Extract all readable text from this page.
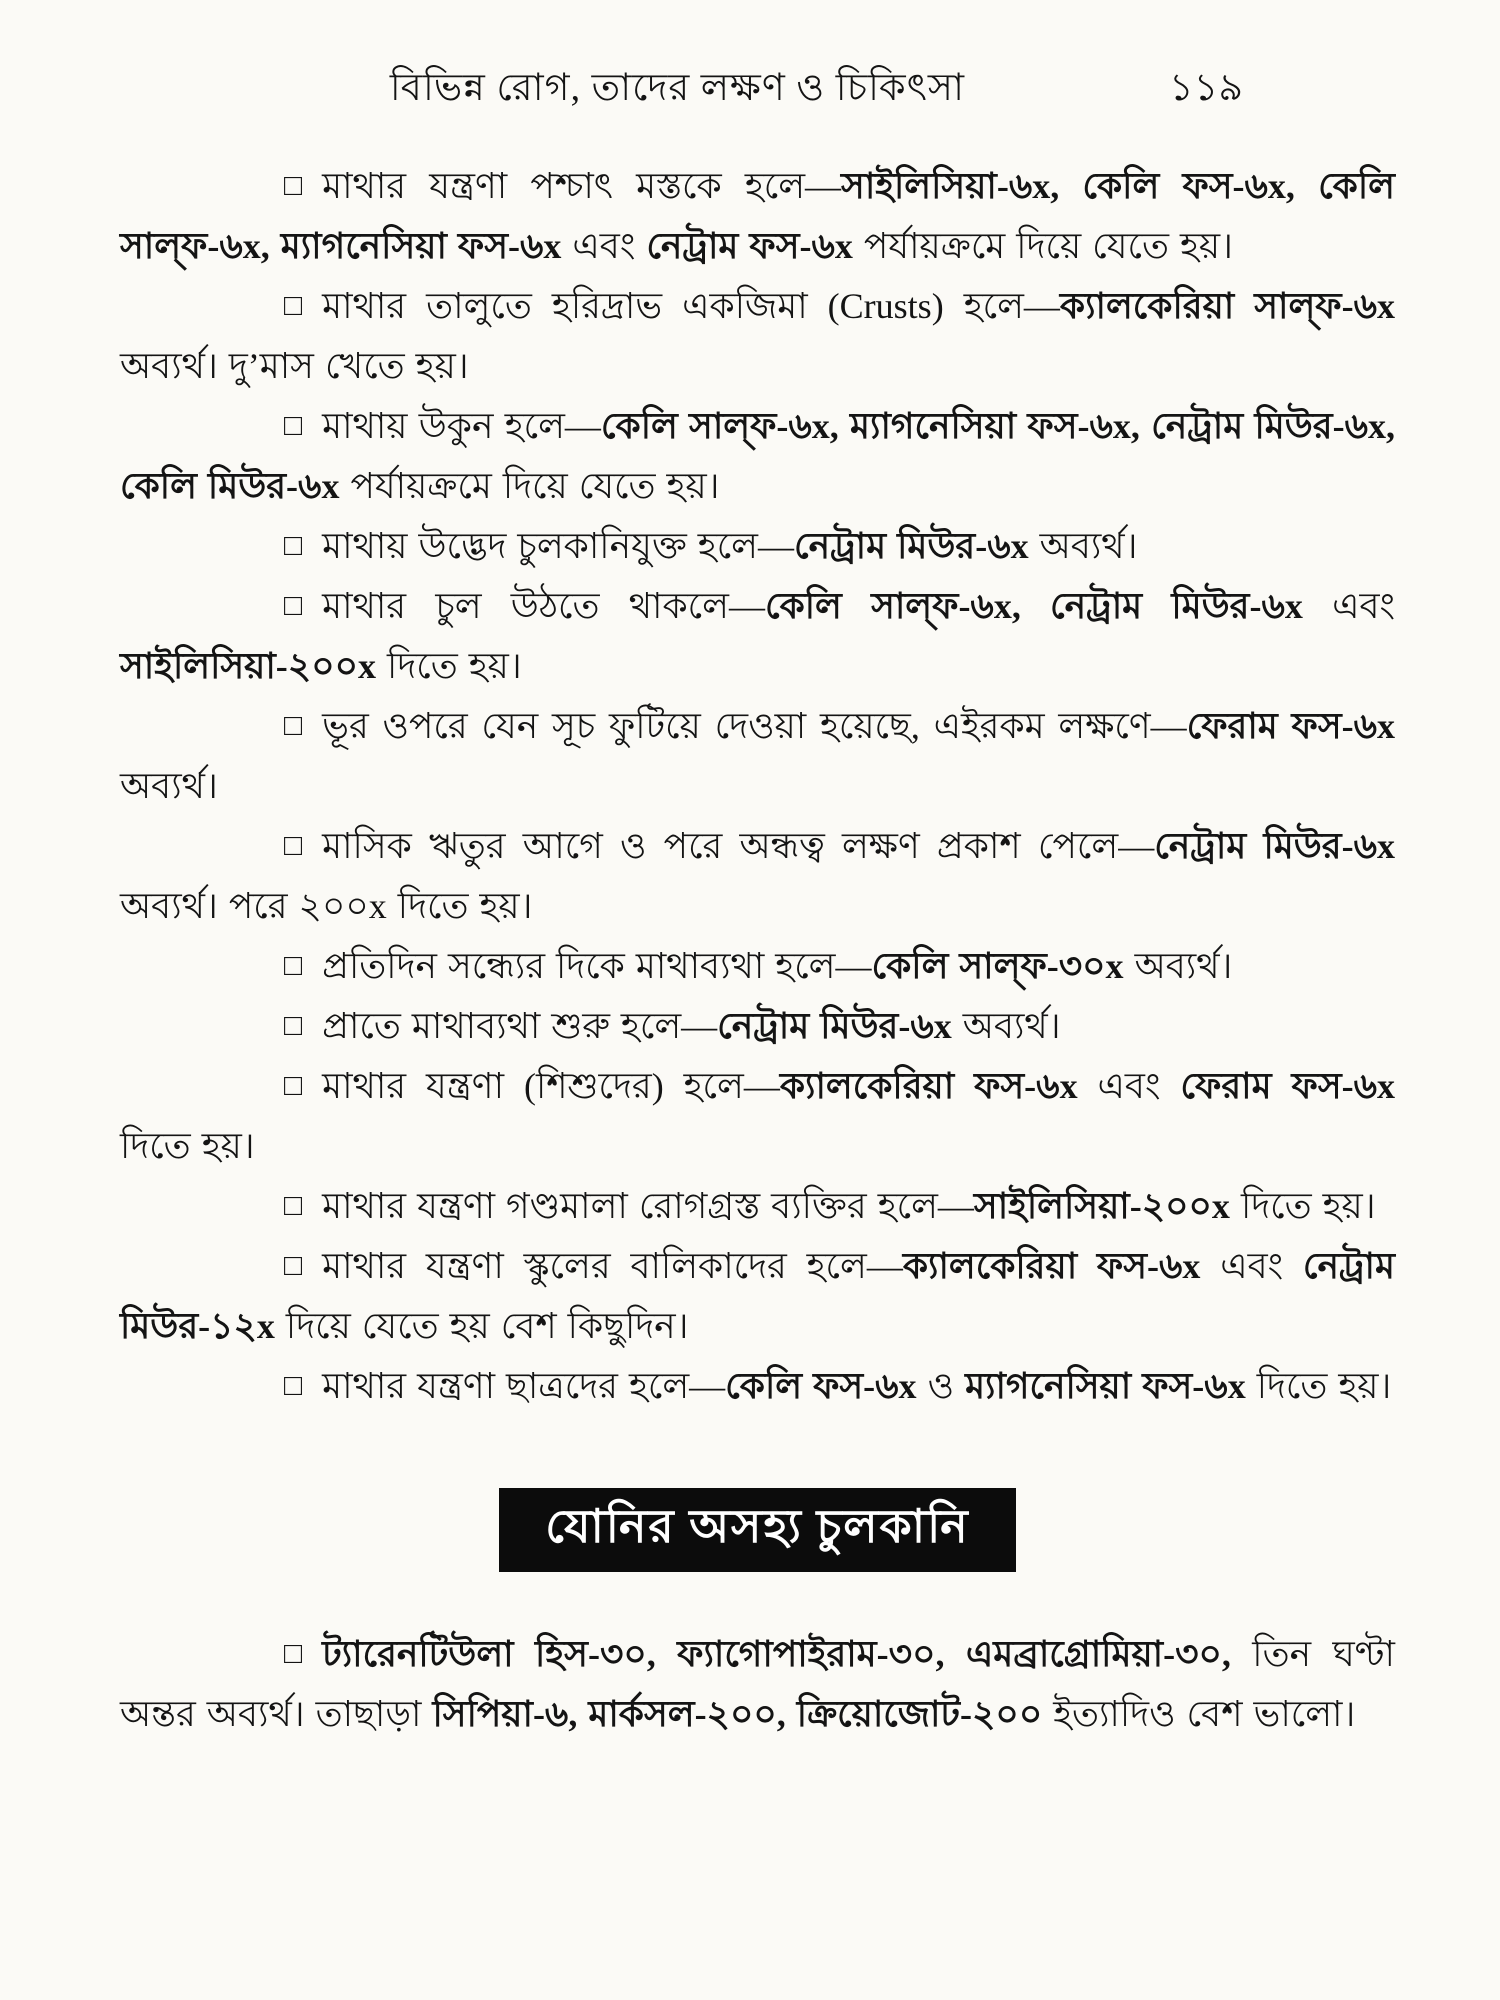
বিভিন্ন রোগ, তাদের লক্ষণ ও চিকিৎসা	১১৯

□ মাথার যন্ত্রণা পশ্চাৎ মস্তকে হলে—সাইলিসিয়া-৬x, কেলি ফস-৬x, কেলি সাল্‌ফ-৬x, ম্যাগনেসিয়া ফস-৬x এবং নেট্রাম ফস-৬x পর্যায়ক্রমে দিয়ে যেতে হয়।

□ মাথার তালুতে হরিদ্রাভ একজিমা (Crusts) হলে—ক্যালকেরিয়া সাল্‌ফ-৬x অব্যর্থ। দু’মাস খেতে হয়।

□ মাথায় উকুন হলে—কেলি সাল্‌ফ-৬x, ম্যাগনেসিয়া ফস-৬x, নেট্রাম মিউর-৬x, কেলি মিউর-৬x পর্যায়ক্রমে দিয়ে যেতে হয়।

□ মাথায় উদ্ভেদ চুলকানিযুক্ত হলে—নেট্রাম মিউর-৬x অব্যর্থ।

□ মাথার চুল উঠতে থাকলে—কেলি সাল্‌ফ-৬x, নেট্রাম মিউর-৬x এবং সাইলিসিয়া-২০০x দিতে হয়।

□ ভূর ওপরে যেন সূচ ফুটিয়ে দেওয়া হয়েছে, এইরকম লক্ষণে—ফেরাম ফস-৬x অব্যর্থ।

□ মাসিক ঋতুর আগে ও পরে অন্ধত্ব লক্ষণ প্রকাশ পেলে—নেট্রাম মিউর-৬x অব্যর্থ। পরে ২০০x দিতে হয়।

□ প্রতিদিন সন্ধ্যের দিকে মাথাব্যথা হলে—কেলি সাল্‌ফ-৩০x অব্যর্থ।

□ প্রাতে মাথাব্যথা শুরু হলে—নেট্রাম মিউর-৬x অব্যর্থ।

□ মাথার যন্ত্রণা (শিশুদের) হলে—ক্যালকেরিয়া ফস-৬x এবং ফেরাম ফস-৬x দিতে হয়।

□ মাথার যন্ত্রণা গণ্ডমালা রোগগ্রস্ত ব্যক্তির হলে—সাইলিসিয়া-২০০x দিতে হয়।

□ মাথার যন্ত্রণা স্কুলের বালিকাদের হলে—ক্যালকেরিয়া ফস-৬x এবং নেট্রাম মিউর-১২x দিয়ে যেতে হয় বেশ কিছুদিন।

□ মাথার যন্ত্রণা ছাত্রদের হলে—কেলি ফস-৬x ও ম্যাগনেসিয়া ফস-৬x দিতে হয়।

যোনির অসহ্য চুলকানি

□ ট্যারেনটিউলা হিস-৩০, ফ্যাগোপাইরাম-৩০, এমব্রাগ্রোমিয়া-৩০, তিন ঘণ্টা অন্তর অব্যর্থ। তাছাড়া সিপিয়া-৬, মার্কসল-২০০, ক্রিয়োজোট-২০০ ইত্যাদিও বেশ ভালো।
